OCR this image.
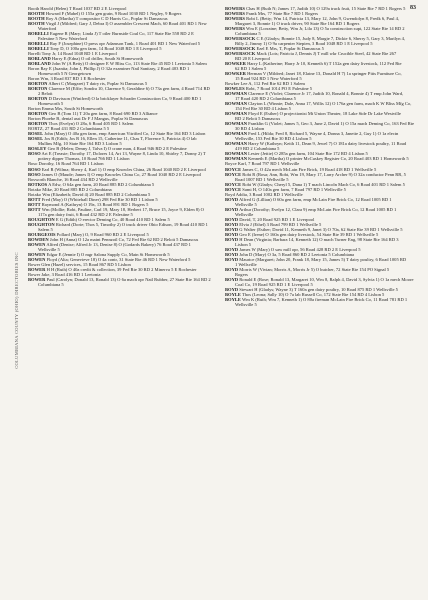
83
COLUMBIANA COUNTY (OHIO) DIRECTORIES INC
Booth Harold (Helen) T Road 1037 RD 2 E Liverpool
BOOTH Howard F (Mabel) O 155a gen grain, 9 Road 1030 RD 1 Negley, 9 Rogers
BOOTH Roy A (Martha) T compositor C D Harris Co., Poplar St Damascus
BOOTH Virgil J (Mildred; Gary J, Debra I) O assembler Crescent Mach, 60 Road 401 RD 1 New
Waterford
BORELLI Eugene R (Mary; Linda J) T oiler Burnside Coal Co, 117 State Rte 558 RD 2 E
Palestine 5 New Waterford
BORELLI Ray F (Josephine) O press opr Adamson Tank, 1 Road 401 RD 1 New Waterford 5
BORELLI Tony D, O 100a gen farm, 14 Road 1048 RD 1 E Liverpool 5
Borelli Tony Jr, 14 Road 1048 RD 1 E Liverpool
BORLAND Harry E (Edna) O oil driller, South St Homeworth
BORLAND John W (A Betty) O designer E W Bliss Co, 113 State Rte 45 RD 1 Leetonia 5 Salem
Boron Ray E (Juanita; John J, Phillip J) O 32a examiner Natl Sanitary, 2 Road 403 RD 1
Homeworth 5 N Georgetown
Boron Wm, 3 Road 837 RD 1 E Rochester
BORTON Albert C (Margaret) T dairy rts, Poplar St Damascus 5
BORTON Clarence M (Effie; Sondra 10, Clarence 9, Geraldine 6) O 73a gen farm, 4 Road 714 RD
2 Beloit
BORTON D Davisson (Winifred) O la bricklayer Schrader Construction Co, 9 Road 400 RD 1
Homeworth 5
Borton Emma Mrs, South St Homeworth
BORTON Geo B (Tom 11) T 20a gen farm, 8 Road 690 RD 3 Alliance
Borton Phoebe B, dental asst Dr F J Mangus, Poplar St Damascus
BORTON Thos (Evelyn) O 28a, 6 Road 405 RD 1 Salem
BORTZ, 27 Road 431 RD 2 Columbiana 5 5
BOSEL John (Mary) O 40a gen farm, emp American Vitrified Co, 12 State Rte 164 RD 3 Lisbon
BOSEL Jos R (Edith; Jos R 16, Ellen 15, Catherine 11, Chas T, Florence 5, Patricia 4) O lab
Mullins Mfg, 10 State Rte 164 RD 3 Lisbon 5
BOSLEY Geo B (Helen; Denny J, Talva I) O crane man, 4 Road 946 RD 2 E Palestine
BOSO Art E (Treasie; Dorothy 17, Dolores 14, Art 13, Wayne 8, Linda 10, Shirley 7, Donny 2) T
pottery dipper Thomas, 10 Road 766 RD 1 Lisbon
Boso Dorothy, 16 Road 764 RD 1 Lisbon
BOSO Earl R (Wilma; Sherry 4, Karl 1) O emp Knowles China, 26 Road 1040 RD 2 E Liverpool
BOSO James O (Maude; James I) O emp Knowles China Co, 27 Road 1040 RD 2 E Liverpool
Bosworth Blanche, 16 Road 434 RD 2 Wellsville
BOTKOS A Edw, O 64a gen farm, 20 Road 885 RD 2 Columbiana 5
Botako Mike, 20 Road 885 RD 2 Columbiana
Botako Wm (Elizabeth; David 4) 20 Road 885 RD 2 Columbiana 5
BOTT Fred (May) O (Whitehall Diner) 298 Fed Rte 30 RD 1 Lisbon 5
BOTT Raymond A (Kathryn) O 19a, 13 Road 891 RD 1 Rogers 5
BOTT Wm (Mollie; Robt, Pauline, Carl 19, Mary 18, Herbert 17, Bruce 15, Joyce 9, Elden 8) O
117a gen dairy fruit, 6 Road 432 RD 2 E Palestine 5
BOUGHTON E G (Edith) O erector Deming Co, 40 Road 410 RD 1 Salem 5
BOUGHTON Richard (Dorie; Thos 5, Timothy 2) O truck driver Ohio Edison, 19 Road 410 RD 1
Salem 5
BOURGEOIS Pollard (Mary) O, 9 Road 960 RD 2 E Liverpool 5
BOWDEN John H (Anna) O 12a maint Pennzoil Co, 72 Fed Rte 62 RD 2 Beloit 5 Damascus
BOWEN Alfred (Denise; Alfred Jr 13, Denise 8) O (Godards Bakery) 76 Road 437 RD 1
Wellsville 5
BOWEN Edgar E (Jennie I) O mgr Salona Supply Co, Main St Homeworth 5
BOWEN Floyd (Alta; Genevieve 18) O 4a contr, 31 State Rte 46 RD 1 New Waterford 5
Bower Glen (Hazel) services, 15 Road 867 RD 5 Lisbon
BOWER H H (Ruth) O 40a credit & collection, 39 Fed Rte 30 RD 2 Minerva 5 E Rochester
Bower Jake, 3 Road 416 RD 1 Leetonia
BOWER Paul (Carolyn; Donald 13, Ronald 13) O 6a mach opr Natl Rubber, 27 State Rte 164 RD 2
Columbiana 5
BOWERS Chas H (Ruth N; James 17, Judith 10) O 129a truck fruit, 15 State Rte 7 RD 1 Rogers 5
BOWERS Frank Mrs, 77 State Rte 7 RD 1 Rogers
BOWERS Robt L (Betty; Wm 14, Patricia 13, Mary 12, John 9, Gwendolyn 8, Fredk 6, Paul 4,
Margaret 3, Bonnie 1) O truck driver, 90 State Rte 164 RD 1 Rogers
BOWERS Wm E (Lorraine; Betty, Wm Jr, Lila 13) O 5a construction supt, 122 State Rte 14 RD 2
Columbiana 5
BOWERSOCK C E (Gladys; Bonnie 15, Judy 8, Margie 7, Dickie 6, Sherry 5, Gary 3, Marilyn 4,
Billy 2, Jimmy 1) O 9a carpenter Stepien, 3 Road 1048 RD 1 E Liverpool 5
BOWERSOCK Ezel E Mrs, T, Poplar St Damascus 5
BOWERSOCK Mack (Lois; Patricia J, Dennis J) T mill wkr Crucible Steel, 42 State Rte 267
RD 20 E Liverpool
BOWKER Harry L (Katherine; Harry Jr 10, Kenneth 6) T 152a gen dairy livestock, 112 Fed Rte
62 RD 1 Salem 5
BOWKER Herman V (Mildred; Janet 18, Elaine 13, Donald H 7) 1a springer Pitts Furniture Co,
15 Road 924 RD 1 New Waterford 5
Bowker Lee A, 112 Fed Rte 62 RD 1 Salem
BOWLES Robt, 7 Road 1014 PO E Palestine 5
BOWMAN Clarence E (Violet; Clarence Jr 17, Judith 10, Ronald 4, Bonnie 4) T emp John Ward,
17 Road 420 RD 2 Columbiana 5
BOWMAN Clayton L (Winnie; Dale, Anna 17, Willis 12) O 176a gen farm, mach K W Bliss Mfg Co,
154 Fed Rte 30 RD 4 Lisbon 5
BOWMAN Floyd E (Esther) O projectionist Mt Union Theater, 18 Lake Side Dr Lake Westville
RD 2 Beloit 5 Damascus
BOWMAN Franklin G (Violet; James 5, Geo 3, June 2, David 1) O 15a mach Deming Co, 163 Fed Rte
30 RD 4 Lisbon
BOWMAN Fred L (Hilda; Fred 8, Richard 5, Wayne 4, Donna 3, Janette 2, Guy 1) O 1a electn
Wellsville, 153 Fed Rte 30 RD 4 Lisbon 5
BOWMAN Harry W (Kathryn; Keith 11, Dean 9, Jewel 7) O 181a dairy livestock poultry, 11 Road
419 RD 2 Columbiana 5
BOWMAN Lester (Jettie) O 285a gen farm, 104 State Rte 172 RD 4 Lisbon 5
BOWMAN Kenneth E (Martha) O printer McCuskey Register Co, 20 Road 403 RD 1 Homeworth 5
Boyce Karl, 7 Road 797 RD 1 Wellsville
BOYCE James C, O 42a mech McLain Fire Brick, 19 Road 418 RD 1 Wellsville 5
BOYCE Robt R (Rosa; Ann, Robt, Wm 19, Mary 17, Larry Archer 9) O 32a conductor Penn RR, 5
Road 1007 RD 1 Wellsville 5
BOYCE Robt W (Gladys; Cheryl 5, Dana 1) T mach Lincoln Mach Co, 6 Road 401 RD 1 Salem 5
BOYCE Sami H, O 140a gen farm, 7 Road 797 RD 1 Wellsville 5
Boyd Addia, 3 Road 1002 RD 1 Wellsville
BOYD Alfred G (Lillian) O 60a gen farm, emp McLain Fire Brick Co, 12 Road 1005 RD 1
Wellsville 5
BOYD Arthur (Dorothy; Evelyn 12, Clara 9) emp McLain Fire Brick Co, 12 Road 1005 RD 1
Wellsville
BOYD David, T, 20 Road 925 RD 1 E Liverpool
BOYD Elvia J (Ethel) 3 Road 799 RD 1 Wellsville 5
BOYD G Walter (Esther; David 11, Kenneth 9, Janet 3) O 70a, 62 State Rte 39 RD 1 Wellsville 5
BOYD Geo E (Irene) O 160a gen dairy livestock, 54 State Rte 39 RD 1 Wellsville 5
BOYD H Dean (Virginia; Barbara 14, Kenneth 12) O mach Turner Eng, 98 State Rte 164 RD 3
Lisbon 5
BOYD James W (Mary) O saw mill opr, 56 Road 428 RD 2 E Liverpool 5
BOYD John D (Mary) O 3a, 5 Road 860 RD 2 Leetonia 5 Columbiana
BOYD Maurice (Margaret; John 20, Frank 18, Mary 15, James 5) T dairy poultry, 6 Road 1005 RD
1 Wellsville
BOYD Morris W (Vivian; Morris A, Morris Jr 5) O butcher, 72 State Rte 154 PO Signal 5
Rogers
BOYD Ronald E (Rose; Ronald 13, Margaret 10, Wm 8, Ralph 4, David 3, Sylvia 1) O 1a mech Moore
Coal Co, 19 Road 925 RD 1 E Liverpool 5
BOYD Stewart H (Gladys; Wayne 3) T 160a gen dairy poultry, 10 Road 875 RD 1 Wellsville 5
BOYLE Thos (Leona; Sally 10) O 7a lab Russell Co, 172 State Rte 154 RD 4 Lisbon 5
BOYLE Wm K (Ruth; Wm 7, Kenneth 1) O 80a fireman McLain Fire Brick Co, 11 Road 781 RD 1
Wellsville 5
